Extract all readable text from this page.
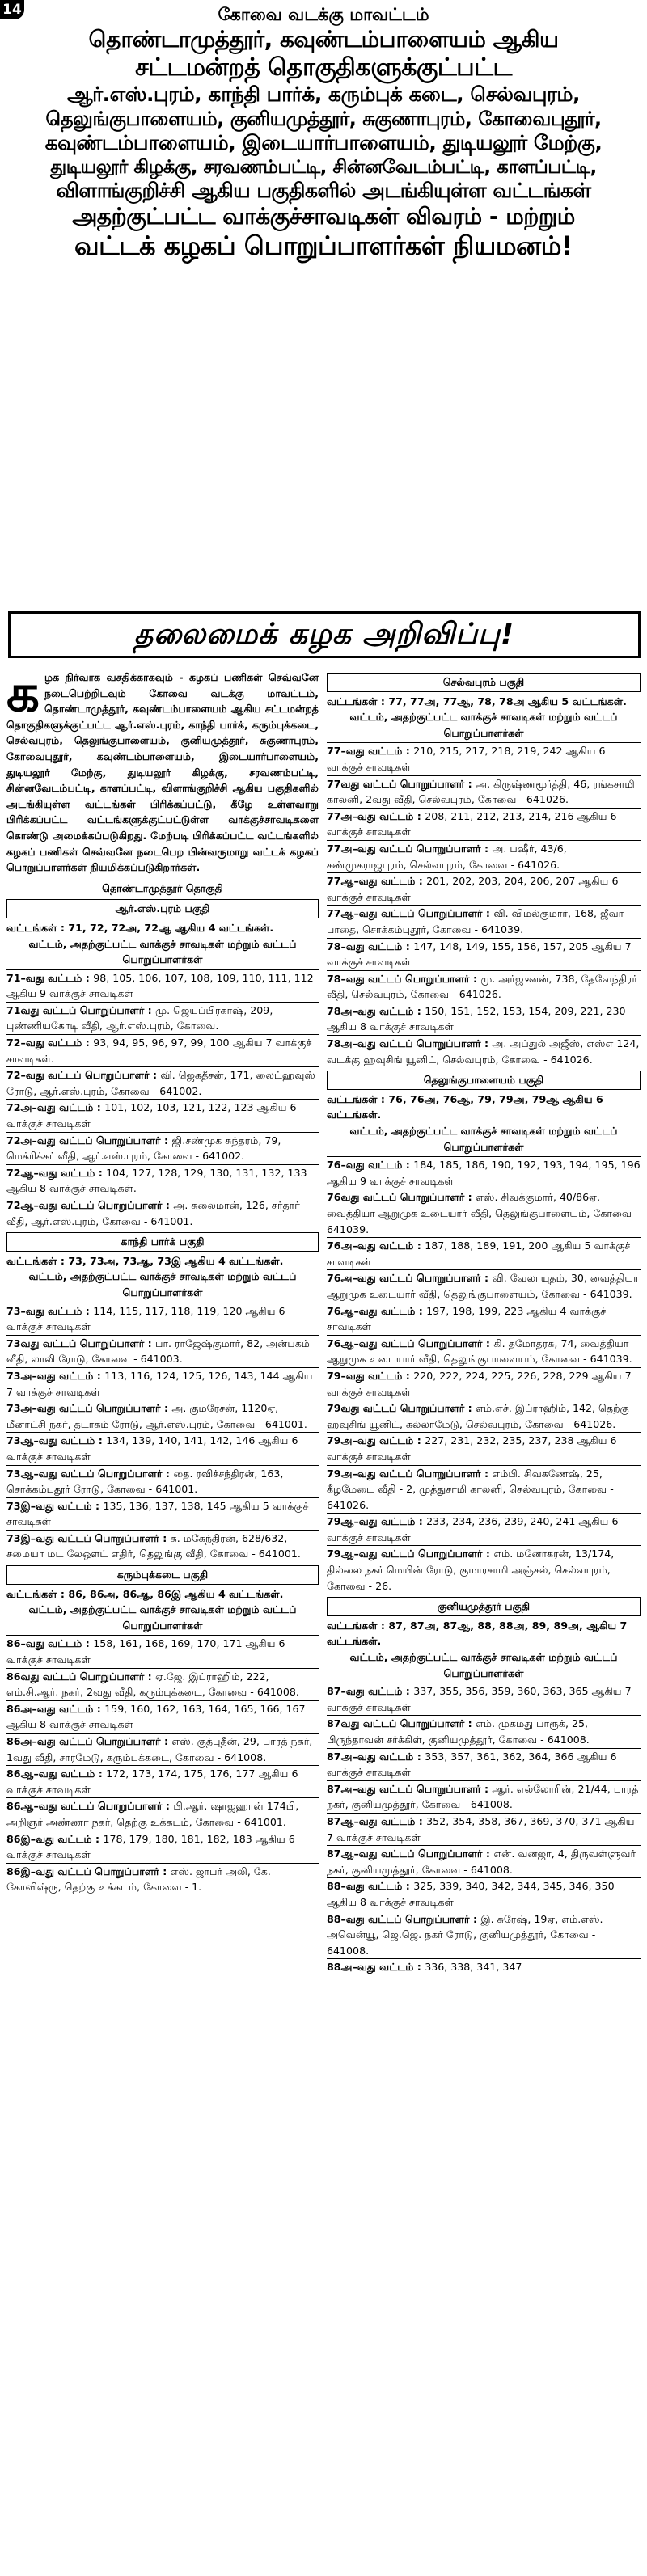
14	கோவை வடக்கு மாவட்டம்
தொண்டாமுத்தூர், கவுண்டம்பாளையம் ஆகிய
சட்டமன்றத் தொகுதிகளுக்குட்பட்ட
ஆர்.எஸ்.புரம், காந்தி பார்க், கரும்புக் கடை, செல்வபுரம்,
தெலுங்குபாளையம், குனியமுத்தூர், சுகுணாபுரம், கோவைபுதூர்,
கவுண்டம்பாளையம், இடையார்பாளையம், துடியலூர் மேற்கு,
துடியலூர் கிழக்கு, சரவணம்பட்டி, சின்னவேடம்பட்டி, காளப்பட்டி,
விளாங்குறிச்சி ஆகிய பகுதிகளில் அடங்கியுள்ள வட்டங்கள்
அதற்குட்பட்ட வாக்குச்சாவடிகள் விவரம் - மற்றும்
வட்டக் கழகப் பொறுப்பாளர்கள் நியமனம்!
தலைமைக் கழக அறிவிப்பு!

க ழக நிர்வாக வசதிக்காகவும் - கழகப் பணிகள் செவ்வனே நடைபெற்றிடவும் கோவை வடக்கு மாவட்டம், தொண்டாமுத்தூர், கவுண்டம்பாளையம் ஆகிய சட்டமன்றத் தொகுதிகளுக்குட்பட்ட ஆர்.எஸ்.புரம், காந்தி பார்க், கரும்புக்கடை, செல்வபுரம், தெலுங்குபாளையம், குனியமுத்தூர், சுகுணாபுரம், கோவைபுதூர், கவுண்டம்பாளையம், இடையார்பாளையம், துடியலூர் மேற்கு, துடியலூர் கிழக்கு, சரவணம்பட்டி, சின்னவேடம்பட்டி, காளப்பட்டி, விளாங்குறிச்சி ஆகிய பகுதிகளில் அடங்கியுள்ள வட்டங்கள் பிரிக்கப்பட்டு, கீழே உள்ளவாறு பிரிக்கப்பட்ட வட்டங்களுக்குட்பட்டுள்ள வாக்குச்சாவடிகளை கொண்டு அமைக்கப்படுகிறது. மேற்படி பிரிக்கப்பட்ட வட்டங்களில் கழகப் பணிகள் செவ்வனே நடைபெற பின்வருமாறு வட்டக் கழகப் பொறுப்பாளர்கள் நியமிக்கப்படுகிறார்கள்.

தொண்டாமுத்தூர் தொகுதி
ஆர்.எஸ்.புரம் பகுதி

வட்டங்கள் : 71, 72, 72அ, 72ஆ ஆகிய 4 வட்டங்கள்.

வட்டம், அதற்குட்பட்ட வாக்குச் சாவடிகள் மற்றும் வட்டப் பொறுப்பாளர்கள்

71–வது வட்டம் : 98, 105, 106, 107, 108, 109, 110, 111, 112 ஆகிய 9 வாக்குச் சாவடிகள்

71வது வட்டப் பொறுப்பாளர் : மு. ஜெயப்பிரகாஷ், 209, புண்ணியகோடி வீதி, ஆர்.எஸ்.புரம், கோவை.

72–வது வட்டம் : 93, 94, 95, 96, 97, 99, 100 ஆகிய 7 வாக்குச் சாவடிகள்.

72–வது வட்டப் பொறுப்பாளர் : வி. ஜெகதீசன், 171, லைட்ஹவுஸ் ரோடு, ஆர்.எஸ்.புரம், கோவை - 641002.

72அ–வது வட்டம் : 101, 102, 103, 121, 122, 123 ஆகிய 6 வாக்குச் சாவடிகள்

72அ–வது வட்டப் பொறுப்பாளர் : ஜி.சண்முக சுந்தரம், 79, மெக்ரிக்கர் வீதி, ஆர்.எஸ்.புரம், கோவை - 641002.

72ஆ–வது வட்டம் : 104, 127, 128, 129, 130, 131, 132, 133 ஆகிய 8 வாக்குச் சாவடிகள்.

72ஆ–வது வட்டப் பொறுப்பாளர் : அ. சுலைமான், 126, சர்தார் வீதி, ஆர்.எஸ்.புரம், கோவை - 641001.

காந்தி பார்க் பகுதி

வட்டங்கள் : 73, 73அ, 73ஆ, 73இ ஆகிய 4 வட்டங்கள்.

வட்டம், அதற்குட்பட்ட வாக்குச் சாவடிகள் மற்றும் வட்டப் பொறுப்பாளர்கள்

73–வது வட்டம் : 114, 115, 117, 118, 119, 120 ஆகிய 6 வாக்குச் சாவடிகள்

73வது வட்டப் பொறுப்பாளர் : பா. ராஜேஷ்குமார், 82, அன்பகம் வீதி, லாலி ரோடு, கோவை - 641003.

73அ–வது வட்டம் : 113, 116, 124, 125, 126, 143, 144 ஆகிய 7 வாக்குச் சாவடிகள்

73அ–வது வட்டப் பொறுப்பாளர் : அ. குமரேசன், 1120ஏ, மீனாட்சி நகர், தடாகம் ரோடு, ஆர்.எஸ்.புரம், கோவை - 641001.

73ஆ–வது வட்டம் : 134, 139, 140, 141, 142, 146 ஆகிய 6 வாக்குச் சாவடிகள்

73ஆ–வது வட்டப் பொறுப்பாளர் : தை. ரவிச்சந்திரன், 163, சொக்கம்புதூர் ரோடு, கோவை - 641001.

73இ–வது வட்டம் : 135, 136, 137, 138, 145 ஆகிய 5 வாக்குச் சாவடிகள்

73இ–வது வட்டப் பொறுப்பாளர் : க. மகேந்திரன், 628/632, சமையா மட லே‌ஔட் எதிர், தெலுங்கு வீதி, கோவை - 641001.

கரும்புக்கடை பகுதி

வட்டங்கள் : 86, 86அ, 86ஆ, 86இ ஆகிய 4 வட்டங்கள்.

வட்டம், அதற்குட்பட்ட வாக்குச் சாவடிகள் மற்றும் வட்டப் பொறுப்பாளர்கள்

86–வது வட்டம் : 158, 161, 168, 169, 170, 171 ஆகிய 6 வாக்குச் சாவடிகள்

86வது வட்டப் பொறுப்பாளர் : ஏ.ஜே. இப்ராஹிம், 222, எம்.சி.ஆர். நகர், 2வது வீதி, கரும்புக்கடை, கோவை - 641008.

86அ–வது வட்டம் : 159, 160, 162, 163, 164, 165, 166, 167 ஆகிய 8 வாக்குச் சாவடிகள்

86அ–வது வட்டப் பொறுப்பாளர் : எஸ். குத்புதீன், 29, பாரத் நகர், 1வது வீதி, சாரமேடு, கரும்புக்கடை, கோவை - 641008.

86ஆ–வது வட்டம் : 172, 173, 174, 175, 176, 177 ஆகிய 6 வாக்குச் சாவடிகள்

86ஆ–வது வட்டப் பொறுப்பாளர் : பி.ஆர். ஷாஜஹான் 174பி, அறிஞர் அண்ணா நகர், தெற்கு உக்கடம், கோவை - 641001.

86இ–வது வட்டம் : 178, 179, 180, 181, 182, 183 ஆகிய 6 வாக்குச் சாவடிகள்

86இ–வது வட்டப் பொறுப்பாளர் : எஸ். ஜாபர் அலி, கே. கோவிஷ்ரு, தெற்கு உக்கடம், கோவை - 1.

செல்வபுரம் பகுதி

வட்டங்கள் : 77, 77அ, 77ஆ, 78, 78அ ஆகிய 5 வட்டங்கள்.

வட்டம், அதற்குட்பட்ட வாக்குச் சாவடிகள் மற்றும் வட்டப் பொறுப்பாளர்கள்

77–வது வட்டம் : 210, 215, 217, 218, 219, 242 ஆகிய 6 வாக்குச் சாவடிகள்

77வது வட்டப் பொறுப்பாளர் : அ. கிருஷ்ணமூர்த்தி, 46, ரங்கசாமி காலனி, 2வது வீதி, செல்வபுரம், கோவை - 641026.

77அ–வது வட்டம் : 208, 211, 212, 213, 214, 216 ஆகிய 6 வாக்குச் சாவடிகள்

77அ–வது வட்டப் பொறுப்பாளர் : அ. பஷீர், 43/6, சண்முகராஜபுரம், செல்வபுரம், கோவை - 641026.

77ஆ–வது வட்டம் : 201, 202, 203, 204, 206, 207 ஆகிய 6 வாக்குச் சாவடிகள்

77ஆ–வது வட்டப் பொறுப்பாளர் : வி. விமல்குமார், 168, ஜீவா பாதை, சொக்கம்புதூர், கோவை - 641039.

78–வது வட்டம் : 147, 148, 149, 155, 156, 157, 205 ஆகிய 7 வாக்குச் சாவடிகள்

78–வது வட்டப் பொறுப்பாளர் : மு. அர்ஜுனன், 738, தேவேந்திரர் வீதி, செல்வபுரம், கோவை - 641026.

78அ–வது வட்டம் : 150, 151, 152, 153, 154, 209, 221, 230 ஆகிய 8 வாக்குச் சாவடிகள்

78அ–வது வட்டப் பொறுப்பாளர் : அ. அப்துல் அஜீஸ், எஸ்எ 124, வடக்கு ஹவுசிங் யூனிட், செல்வபுரம், கோவை - 641026.

தெலுங்குபாளையம் பகுதி

வட்டங்கள் : 76, 76அ, 76ஆ, 79, 79அ, 79ஆ ஆகிய 6 வட்டங்கள்.

வட்டம், அதற்குட்பட்ட வாக்குச் சாவடிகள் மற்றும் வட்டப் பொறுப்பாளர்கள்

76–வது வட்டம் : 184, 185, 186, 190, 192, 193, 194, 195, 196 ஆகிய 9 வாக்குச் சாவடிகள்

76வது வட்டப் பொறுப்பாளர் : எஸ். சிவக்குமார், 40/86ஏ, வைத்தியா ஆறுமுக உடையார் வீதி, தெலுங்குபாளையம், கோவை - 641039.

76அ–வது வட்டம் : 187, 188, 189, 191, 200 ஆகிய 5 வாக்குச் சாவடிகள்

76அ–வது வட்டப் பொறுப்பாளர் : வி. வேலாயுதம், 30, வைத்தியா ஆறுமுக உடையார் வீதி, தெலுங்குபாளையம், கோவை - 641039.

76ஆ–வது வட்டம் : 197, 198, 199, 223 ஆகிய 4 வாக்குச் சாவடிகள்

76ஆ–வது வட்டப் பொறுப்பாளர் : கி. தமோதரசு, 74, வைத்தியா ஆறுமுக உடையார் வீதி, தெலுங்குபாளையம், கோவை - 641039.

79–வது வட்டம் : 220, 222, 224, 225, 226, 228, 229 ஆகிய 7 வாக்குச் சாவடிகள்

79வது வட்டப் பொறுப்பாளர் : எம்.எச். இப்ராஹிம், 142, தெற்கு ஹவுசிங் யூனிட், கல்லாமேடு, செல்வபுரம், கோவை - 641026.

79அ–வது வட்டம் : 227, 231, 232, 235, 237, 238 ஆகிய 6 வாக்குச் சாவடிகள்

79அ–வது வட்டப் பொறுப்பாளர் : எம்பி. சிவகணேஷ், 25, கீழமேடை வீதி - 2, முத்துசாமி காலனி, செல்வபுரம், கோவை - 641026.

79ஆ–வது வட்டம் : 233, 234, 236, 239, 240, 241 ஆகிய 6 வாக்குச் சாவடிகள்

79ஆ–வது வட்டப் பொறுப்பாளர் : எம். மனோகரன், 13/174, தில்லை நகர் மெயின் ரோடு, குமாரசாமி அஞ்சல், செல்வபுரம், கோவை - 26.

குனியமுத்தூர் பகுதி

வட்டங்கள் : 87, 87அ, 87ஆ, 88, 88அ, 89, 89அ, ஆகிய 7 வட்டங்கள்.

வட்டம், அதற்குட்பட்ட வாக்குச் சாவடிகள் மற்றும் வட்டப் பொறுப்பாளர்கள்

87–வது வட்டம் : 337, 355, 356, 359, 360, 363, 365 ஆகிய 7 வாக்குச் சாவடிகள்

87வது வட்டப் பொறுப்பாளர் : எம். முகமது பாரூக், 25, பிருந்தாவன் சர்க்கிள், குனியமுத்தூர், கோவை - 641008.

87அ–வது வட்டம் : 353, 357, 361, 362, 364, 366 ஆகிய 6 வாக்குச் சாவடிகள்

87அ–வது வட்டப் பொறுப்பாளர் : ஆர். எல்லோரின், 21/44, பாரத் நகர், குனியமுத்தூர், கோவை - 641008.

87ஆ–வது வட்டம் : 352, 354, 358, 367, 369, 370, 371 ஆகிய 7 வாக்குச் சாவடிகள்

87ஆ–வது வட்டப் பொறுப்பாளர் : என். வனஜா, 4, திருவள்ளுவர் நகர், குனியமுத்தூர், கோவை - 641008.

88–வது வட்டம் : 325, 339, 340, 342, 344, 345, 346, 350 ஆகிய 8 வாக்குச் சாவடிகள்

88–வது வட்டப் பொறுப்பாளர் : இ. சுரேஷ், 19ஏ, எம்.எஸ். அவென்யூ, ஜெ.ஜெ. நகர் ரோடு, குனியமுத்தூர், கோவை - 641008.

88அ–வது வட்டம் : 336, 338, 341, 347
